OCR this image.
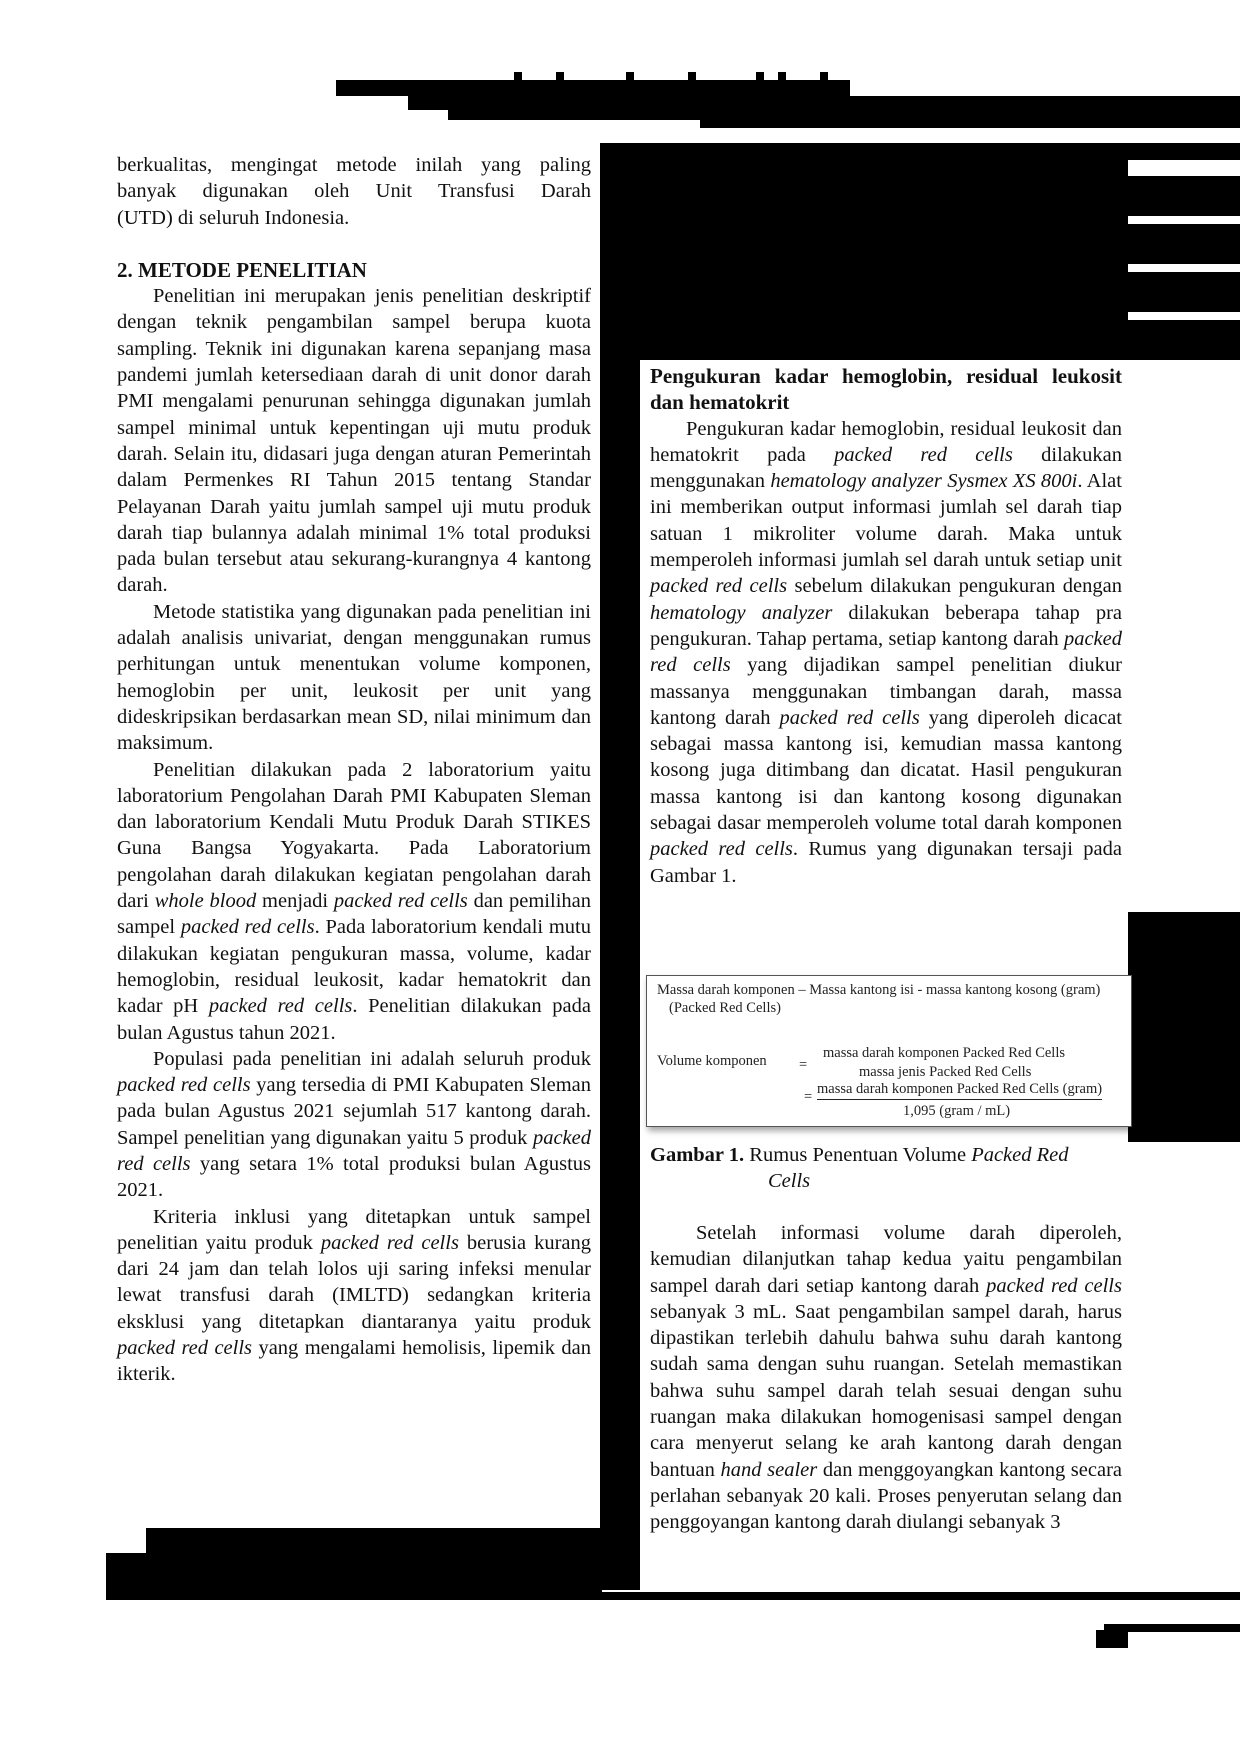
berkualitas, mengingat metode inilah yang paling
banyak digunakan oleh Unit Transfusi Darah
(UTD) di seluruh Indonesia.

2. METODE PENELITIAN

Penelitian ini merupakan jenis penelitian deskriptif dengan teknik pengambilan sampel berupa kuota sampling. Teknik ini digunakan karena sepanjang masa pandemi jumlah ketersediaan darah di unit donor darah PMI mengalami penurunan sehingga digunakan jumlah sampel minimal untuk kepentingan uji mutu produk darah. Selain itu, didasari juga dengan aturan Pemerintah dalam Permenkes RI Tahun 2015 tentang Standar Pelayanan Darah yaitu jumlah sampel uji mutu produk darah tiap bulannya adalah minimal 1% total produksi pada bulan tersebut atau sekurang-kurangnya 4 kantong darah.

Metode statistika yang digunakan pada penelitian ini adalah analisis univariat, dengan menggunakan rumus perhitungan untuk menentukan volume komponen, hemoglobin per unit, leukosit per unit yang dideskripsikan berdasarkan mean SD, nilai minimum dan maksimum.

Penelitian dilakukan pada 2 laboratorium yaitu laboratorium Pengolahan Darah PMI Kabupaten Sleman dan laboratorium Kendali Mutu Produk Darah STIKES Guna Bangsa Yogyakarta. Pada Laboratorium pengolahan darah dilakukan kegiatan pengolahan darah dari whole blood menjadi packed red cells dan pemilihan sampel packed red cells. Pada laboratorium kendali mutu dilakukan kegiatan pengukuran massa, volume, kadar hemoglobin, residual leukosit, kadar hematokrit dan kadar pH packed red cells. Penelitian dilakukan pada bulan Agustus tahun 2021.

Populasi pada penelitian ini adalah seluruh produk packed red cells yang tersedia di PMI Kabupaten Sleman pada bulan Agustus 2021 sejumlah 517 kantong darah. Sampel penelitian yang digunakan yaitu 5 produk packed red cells yang setara 1% total produksi bulan Agustus 2021.

Kriteria inklusi yang ditetapkan untuk sampel penelitian yaitu produk packed red cells berusia kurang dari 24 jam dan telah lolos uji saring infeksi menular lewat transfusi darah (IMLTD) sedangkan kriteria eksklusi yang ditetapkan diantaranya yaitu produk packed red cells yang mengalami hemolisis, lipemik dan ikterik.

Pengukuran kadar hemoglobin, residual leukosit dan hematokrit

Pengukuran kadar hemoglobin, residual leukosit dan hematokrit pada packed red cells dilakukan menggunakan hematology analyzer Sysmex XS 800i. Alat ini memberikan output informasi jumlah sel darah tiap satuan 1 mikroliter volume darah. Maka untuk memperoleh informasi jumlah sel darah untuk setiap unit packed red cells sebelum dilakukan pengukuran dengan hematology analyzer dilakukan beberapa tahap pra pengukuran. Tahap pertama, setiap kantong darah packed red cells yang dijadikan sampel penelitian diukur massanya menggunakan timbangan darah, massa kantong darah packed red cells yang diperoleh dicacat sebagai massa kantong isi, kemudian massa kantong kosong juga ditimbang dan dicatat. Hasil pengukuran massa kantong isi dan kantong kosong digunakan sebagai dasar memperoleh volume total darah komponen packed red cells. Rumus yang digunakan tersaji pada Gambar 1.

Massa darah komponen – Massa kantong isi - massa kantong kosong (gram)
(Packed Red Cells)
Volume komponen =
massa darah komponen Packed Red Cells
massa jenis Packed Red Cells
= massa darah komponen Packed Red Cells (gram)
1,095 (gram / mL)
Gambar 1. Rumus Penentuan Volume Packed Red
Cells

Setelah informasi volume darah diperoleh, kemudian dilanjutkan tahap kedua yaitu pengambilan sampel darah dari setiap kantong darah packed red cells sebanyak 3 mL. Saat pengambilan sampel darah, harus dipastikan terlebih dahulu bahwa suhu darah kantong sudah sama dengan suhu ruangan. Setelah memastikan bahwa suhu sampel darah telah sesuai dengan suhu ruangan maka dilakukan homogenisasi sampel dengan cara menyerut selang ke arah kantong darah dengan bantuan hand sealer dan menggoyangkan kantong secara perlahan sebanyak 20 kali. Proses penyerutan selang dan penggoyangan kantong darah diulangi sebanyak 3
